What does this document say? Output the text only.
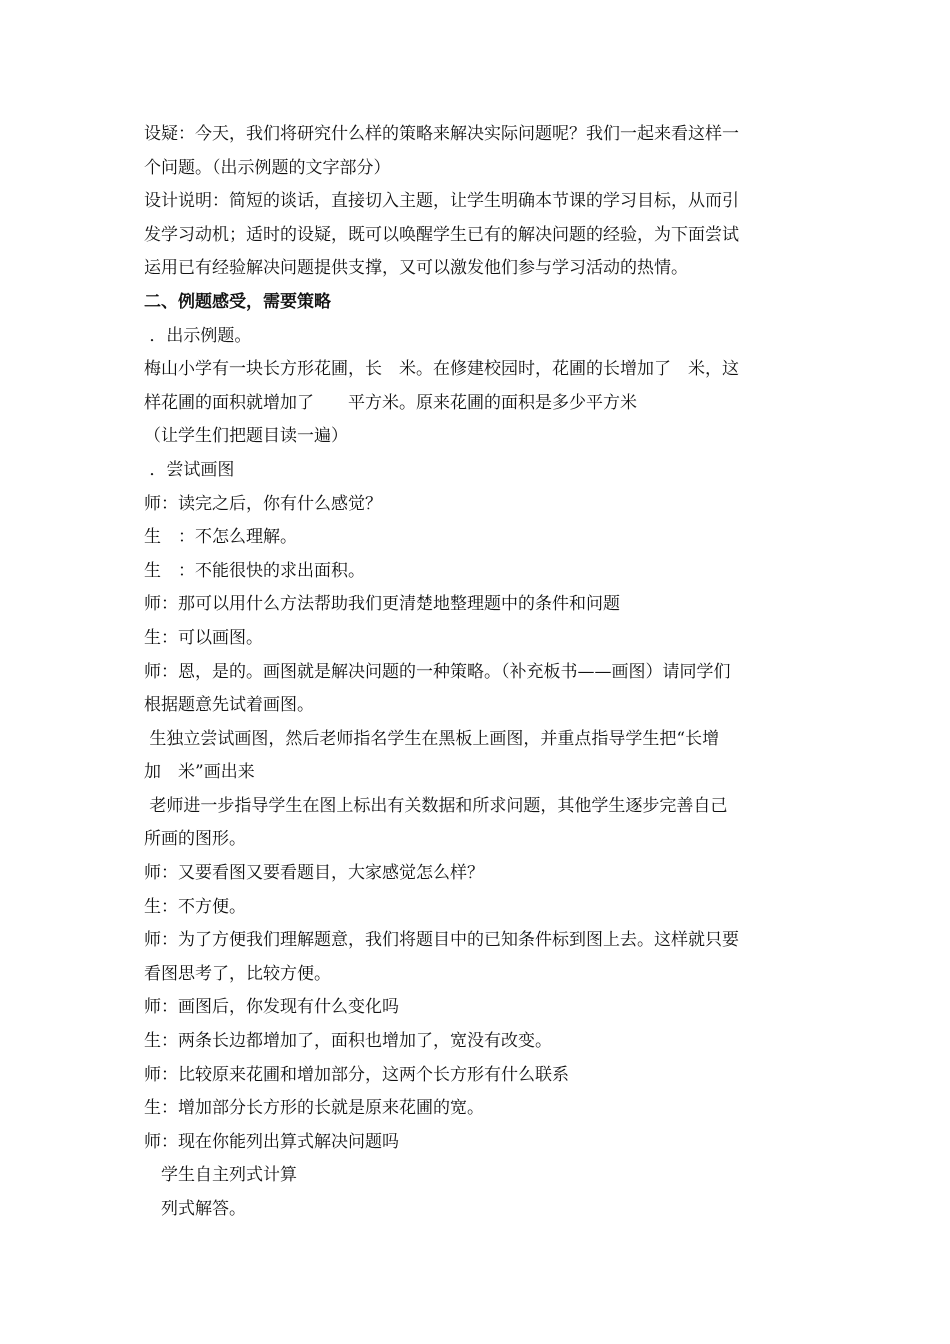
设疑：今天，我们将研究什么样的策略来解决实际问题呢？我们一起来看这样一

个问题。（出示例题的文字部分）

设计说明：简短的谈话，直接切入主题，让学生明确本节课的学习目标，从而引

发学习动机；适时的设疑，既可以唤醒学生已有的解决问题的经验，为下面尝试

运用已有经验解决问题提供支撑，又可以激发他们参与学习活动的热情。

二、例题感受，需要策略

．出示例题。

梅山小学有一块长方形花圃，长　米。在修建校园时，花圃的长增加了　米，这

样花圃的面积就增加了　　平方米。原来花圃的面积是多少平方米

（让学生们把题目读一遍）

．尝试画图

师：读完之后，你有什么感觉？

生　：不怎么理解。

生　：不能很快的求出面积。

师：那可以用什么方法帮助我们更清楚地整理题中的条件和问题

生：可以画图。

师：恩，是的。画图就是解决问题的一种策略。（补充板书——画图）请同学们

根据题意先试着画图。

生独立尝试画图，然后老师指名学生在黑板上画图，并重点指导学生把“长增

加　米”画出来

老师进一步指导学生在图上标出有关数据和所求问题，其他学生逐步完善自己

所画的图形。

师：又要看图又要看题目，大家感觉怎么样？

生：不方便。

师：为了方便我们理解题意，我们将题目中的已知条件标到图上去。这样就只要

看图思考了，比较方便。

师：画图后，你发现有什么变化吗

生：两条长边都增加了，面积也增加了，宽没有改变。

师：比较原来花圃和增加部分，这两个长方形有什么联系

生：增加部分长方形的长就是原来花圃的宽。

师：现在你能列出算式解决问题吗

　学生自主列式计算

　列式解答。
